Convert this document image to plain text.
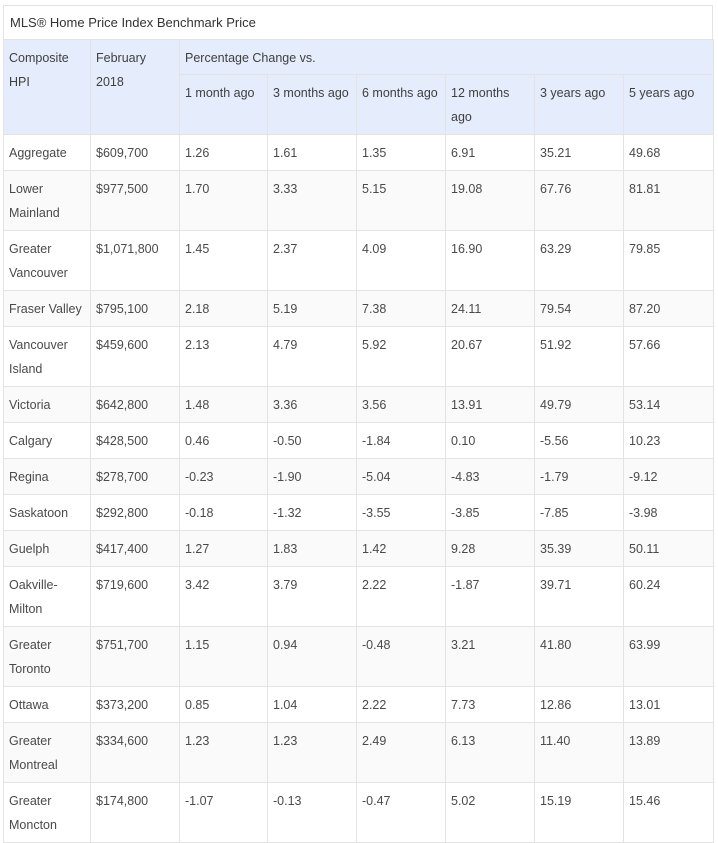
MLS® Home Price Index Benchmark Price
Composite HPI	February 2018	Percentage Change vs.					
		1 month ago	3 months ago	6 months ago	12 months ago	3 years ago	5 years ago
Aggregate	$609,700	1.26	1.61	1.35	6.91	35.21	49.68
Lower Mainland	$977,500	1.70	3.33	5.15	19.08	67.76	81.81
Greater Vancouver	$1,071,800	1.45	2.37	4.09	16.90	63.29	79.85
Fraser Valley	$795,100	2.18	5.19	7.38	24.11	79.54	87.20
Vancouver Island	$459,600	2.13	4.79	5.92	20.67	51.92	57.66
Victoria	$642,800	1.48	3.36	3.56	13.91	49.79	53.14
Calgary	$428,500	0.46	-0.50	-1.84	0.10	-5.56	10.23
Regina	$278,700	-0.23	-1.90	-5.04	-4.83	-1.79	-9.12
Saskatoon	$292,800	-0.18	-1.32	-3.55	-3.85	-7.85	-3.98
Guelph	$417,400	1.27	1.83	1.42	9.28	35.39	50.11
Oakville-Milton	$719,600	3.42	3.79	2.22	-1.87	39.71	60.24
Greater Toronto	$751,700	1.15	0.94	-0.48	3.21	41.80	63.99
Ottawa	$373,200	0.85	1.04	2.22	7.73	12.86	13.01
Greater Montreal	$334,600	1.23	1.23	2.49	6.13	11.40	13.89
Greater Moncton	$174,800	-1.07	-0.13	-0.47	5.02	15.19	15.46
